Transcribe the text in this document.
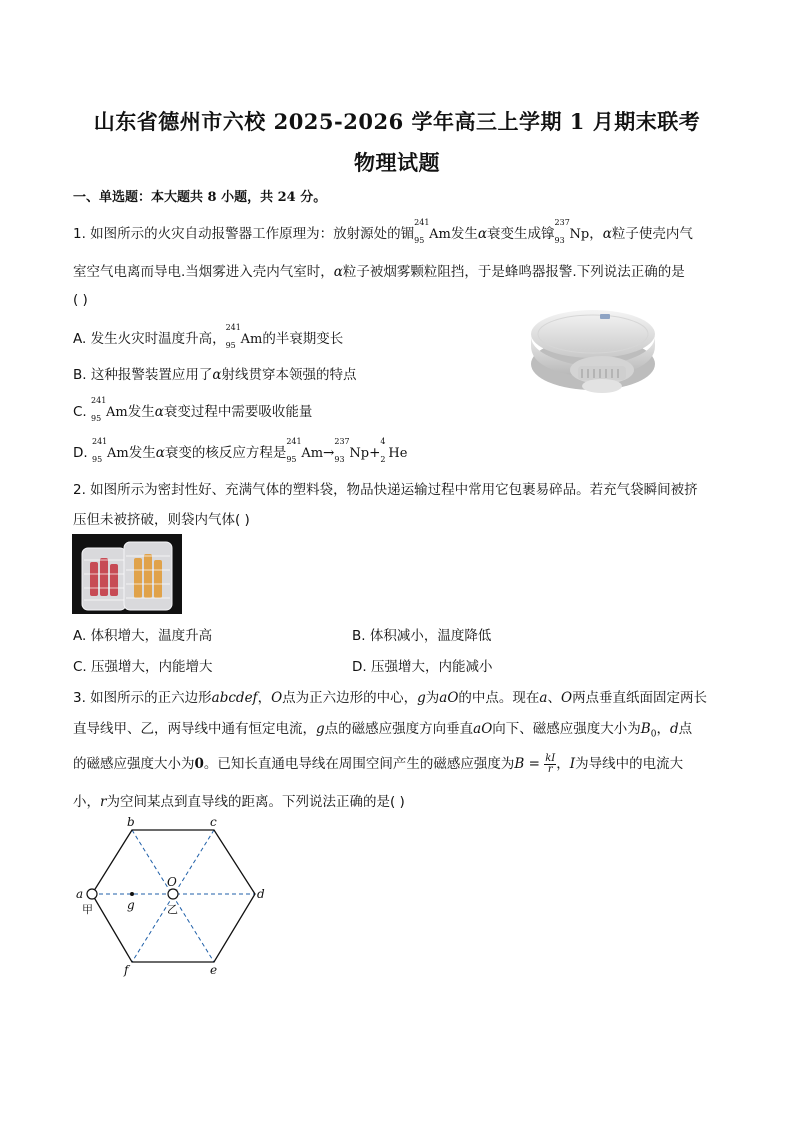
山东省德州市六校 2025-2026 学年高三上学期 1 月期末联考
物理试题
一、单选题：本大题共 8 小题，共 24 分。
1. 如图所示的火灾自动报警器工作原理为：放射源处的镅
241
95 Am发生α衰变生成镎
237
93 Np，α粒子使壳内气
室空气电离而导电.当烟雾进入壳内气室时，α粒子被烟雾颗粒阻挡，于是蜂鸣器报警.下列说法正确的是
( )
A. 发生火灾时温度升高，
241
95 Am的半衰期变长
B. 这种报警装置应用了α射线贯穿本领强的特点
C.
241
95 Am发生α衰变过程中需要吸收能量
D.
241
95 Am发生α衰变的核反应方程是
241
95 Am→
237
93 Np+
4
2 He
2. 如图所示为密封性好、充满气体的塑料袋，物品快递运输过程中常用它包裹易碎品。若充气袋瞬间被挤
压但未被挤破，则袋内气体( )
A. 体积增大，温度升高	B. 体积减小，温度降低
C. 压强增大，内能增大	D. 压强增大，内能减小
3. 如图所示的正六边形abcdef，O点为正六边形的中心，g为aO的中点。现在a、O两点垂直纸面固定两长
直导线甲、乙，两导线中通有恒定电流，g点的磁感应强度方向垂直aO向下、磁感应强度大小为$B_0$，d点
的磁感应强度大小为0。已知长直通电导线在周围空间产生的磁感应强度为$B = \frac{kI}{r}$ ，I为导线中的电流大
小，r为空间某点到直导线的距离。下列说法正确的是( )
a
b	c
d
e
f
O
g
甲	乙
